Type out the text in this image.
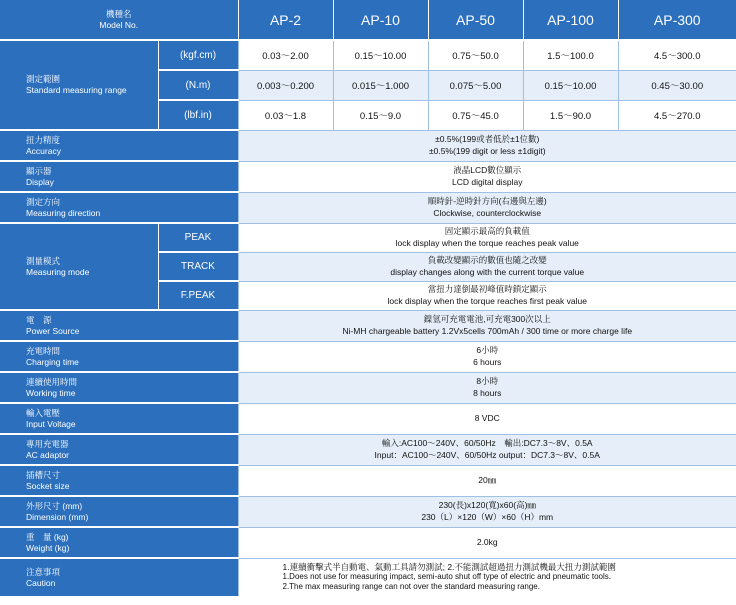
機種名
Model No.		AP-2	AP-10	AP-50	AP-100	AP-300

測定範圍
Standard measuring range	(kgf.cm)	0.03～2.00	0.15～10.00	0.75～50.0	1.5～100.0	4.5～300.0
	(N.m)	0.003～0.200	0.015～1.000	0.075～5.00	0.15～10.00	0.45～30.00
	(lbf.in)	0.03～1.8	0.15～9.0	0.75～45.0	1.5～90.0	4.5～270.0

扭力精度
Accuracy		±0.5%(199或者低於±1位數)
±0.5%(199 digit or less ±1digit)				

顯示器
Display		液晶LCD數位顯示
LCD digital display				

測定方向
Measuring direction		順時針-逆時針方向(右邊與左邊)
Clockwise, counterclockwise				

測量模式
Measuring mode	PEAK	固定顯示最高的負載值
lock display when the torque reaches peak value				

	TRACK	負載改變顯示的數值也隨之改變
display changes along with the current torque value				

	F.PEAK	當扭力達倒最初峰值時鎖定顯示
lock display when the torque reaches first peak value				

電　源
Power Source		鎳氫可充電電池,可充電300次以上
Ni-MH chargeable battery 1.2Vx5cells 700mAh / 300 time or more charge life				

充電時間
Charging time		6小時
6 hours				

連續使用時間
Working time		8小時
8 hours				

輸入電壓
Input Voltage		8 VDC				

專用充電器
AC adaptor		輸入:AC100～240V、60/50Hz　輸出:DC7.3～8V、0.5A
Input：AC100～240V、60/50Hz output：DC7.3～8V、0.5A				

插槽尺寸
Socket size		20㎜				

外形尺寸 (mm)
Dimension (mm)		230(長)x120(寬)x60(高)㎜
230（L）×120（W）×60（H）mm				

重　量 (kg)
Weight (kg)		2.0kg				

注意事項
Caution		1.連續衝擊式半自動電、氣動工具請勿測試; 2.不能測試超過扭力測試機最大扭力測試範圍
1.Does not use for measuring impact, semi-auto shut off type of electric and pneumatic tools.
2.The max measuring range can not over the standard measuring range.				
